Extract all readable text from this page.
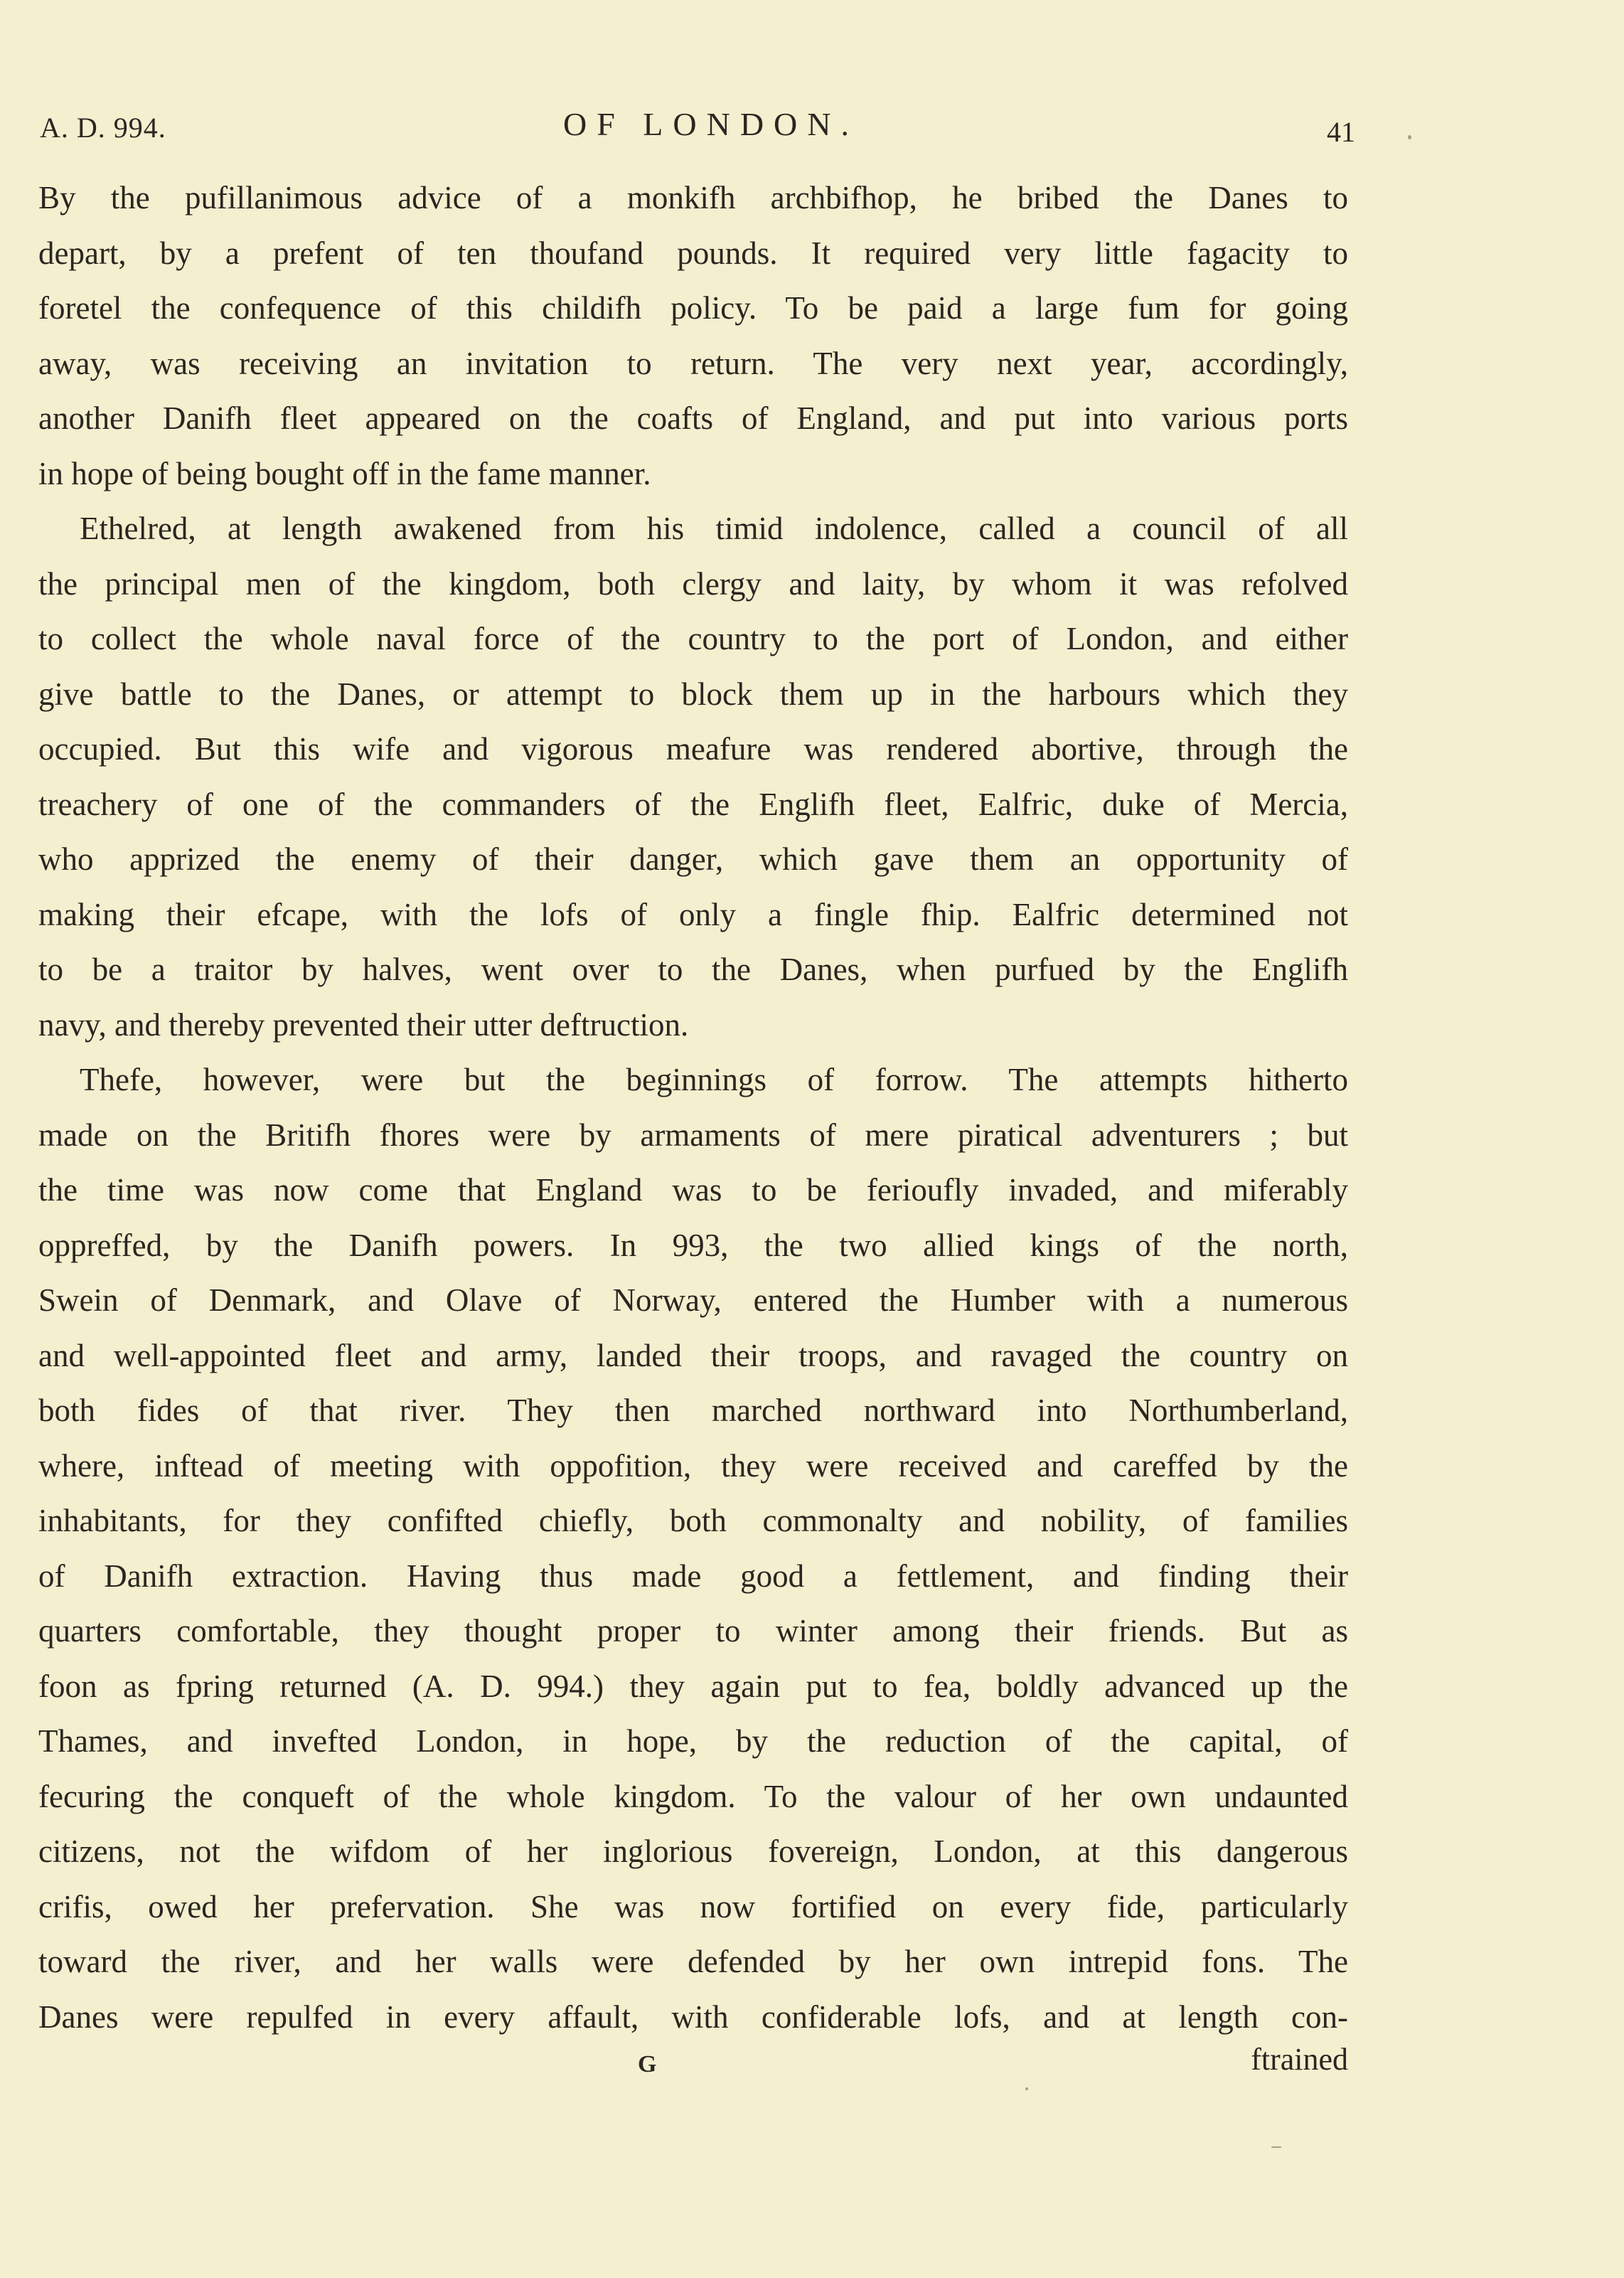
A. D. 994.	OF LONDON.	41
By the pufillanimous advice of a monkifh archbifhop, he bribed the Danes to
depart, by a prefent of ten thoufand pounds. It required very little fagacity to
foretel the confequence of this childifh policy. To be paid a large fum for going
away, was receiving an invitation to return. The very next year, accordingly,
another Danifh fleet appeared on the coafts of England, and put into various ports
in hope of being bought off in the fame manner.
Ethelred, at length awakened from his timid indolence, called a council of all
the principal men of the kingdom, both clergy and laity, by whom it was refolved
to collect the whole naval force of the country to the port of London, and either
give battle to the Danes, or attempt to block them up in the harbours which they
occupied. But this wife and vigorous meafure was rendered abortive, through the
treachery of one of the commanders of the Englifh fleet, Ealfric, duke of Mercia,
who apprized the enemy of their danger, which gave them an opportunity of
making their efcape, with the lofs of only a fingle fhip. Ealfric determined not
to be a traitor by halves, went over to the Danes, when purfued by the Englifh
navy, and thereby prevented their utter deftruction.
Thefe, however, were but the beginnings of forrow. The attempts hitherto
made on the Britifh fhores were by armaments of mere piratical adventurers ; but
the time was now come that England was to be ferioufly invaded, and miferably
oppreffed, by the Danifh powers. In 993, the two allied kings of the north,
Swein of Denmark, and Olave of Norway, entered the Humber with a numerous
and well-appointed fleet and army, landed their troops, and ravaged the country on
both fides of that river. They then marched northward into Northumberland,
where, inftead of meeting with oppofition, they were received and careffed by the
inhabitants, for they confifted chiefly, both commonalty and nobility, of families
of Danifh extraction. Having thus made good a fettlement, and finding their
quarters comfortable, they thought proper to winter among their friends. But as
foon as fpring returned (A. D. 994.) they again put to fea, boldly advanced up the
Thames, and invefted London, in hope, by the reduction of the capital, of
fecuring the conqueft of the whole kingdom. To the valour of her own undaunted
citizens, not the wifdom of her inglorious fovereign, London, at this dangerous
crifis, owed her prefervation. She was now fortified on every fide, particularly
toward the river, and her walls were defended by her own intrepid fons. The
Danes were repulfed in every affault, with confiderable lofs, and at length con-
G	ftrained
